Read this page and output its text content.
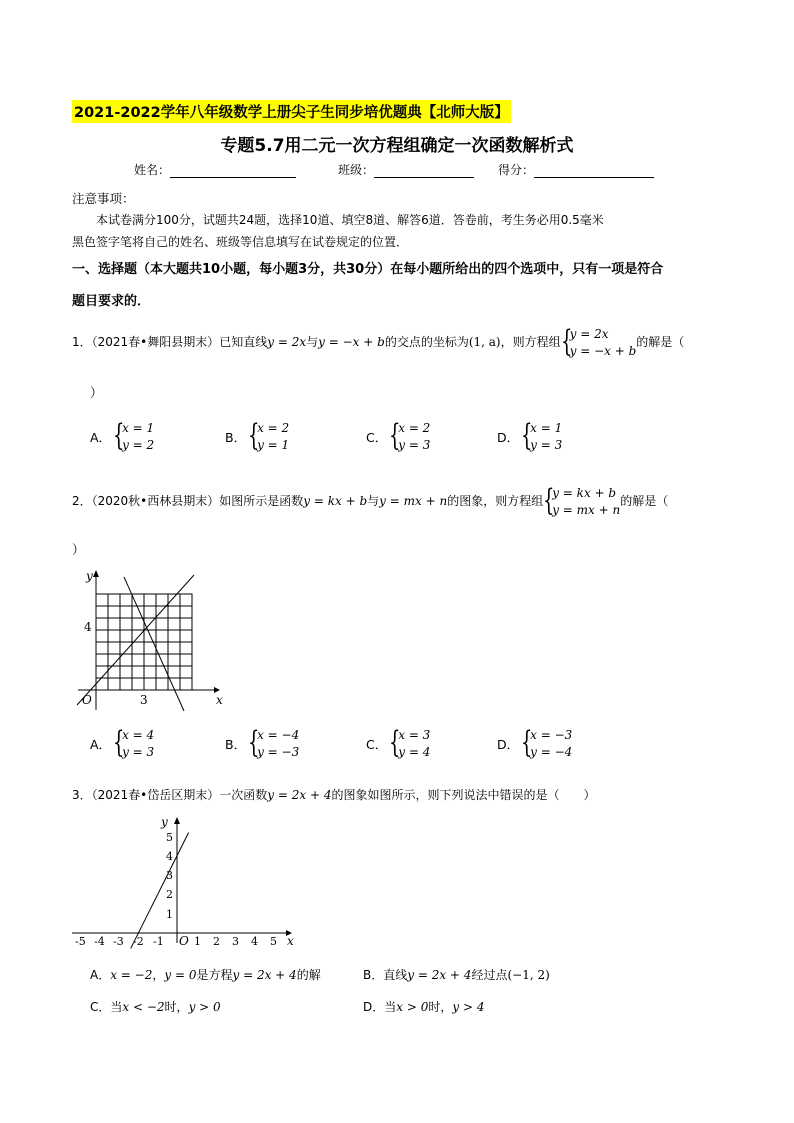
2021-2022学年八年级数学上册尖子生同步培优题典【北师大版】
专题5.7用二元一次方程组确定一次函数解析式
姓名：	班级：	得分：
注意事项：
本试卷满分100分，试题共24题，选择10道、填空8道、解答6道．答卷前，考生务必用0.5毫米
黑色签字笔将自己的姓名、班级等信息填写在试卷规定的位置．
一、选择题（本大题共10小题，每小题3分，共30分）在每小题所给出的四个选项中，只有一项是符合
题目要求的．
1．（2021春•舞阳县期末）已知直线y = 2x与y = −x + b的交点的坐标为(1, a)，则方程组 {
y = 2x
y = −x + b
的解是（
）
A． {
x = 1
y = 2	B． {
x = 2
y = 1	C． {
x = 2
y = 3	D． {
x = 1
y = 3
2．（2020秋•西林县期末）如图所示是函数y = kx + b与y = mx + n的图象，则方程组 {
y = kx + b
y = mx + n
的解是（
）
y
x
O
4
3
A． {
x = 4
y = 3	B． {
x = −4
y = −3	C． {
x = 3
y = 4	D． {
x = −3
y = −4
3．（2021春•岱岳区期末）一次函数y = 2x + 4的图象如图所示，则下列说法中错误的是（　　）
-5 -4 -3 -2 -1	1 2 3 4 5
1
2
3
4
5
O	x
y
A．x = −2，y = 0是方程y = 2x + 4的解	B．直线y = 2x + 4经过点(−1, 2)
C．当x < −2时，y > 0	D．当x > 0时，y > 4
